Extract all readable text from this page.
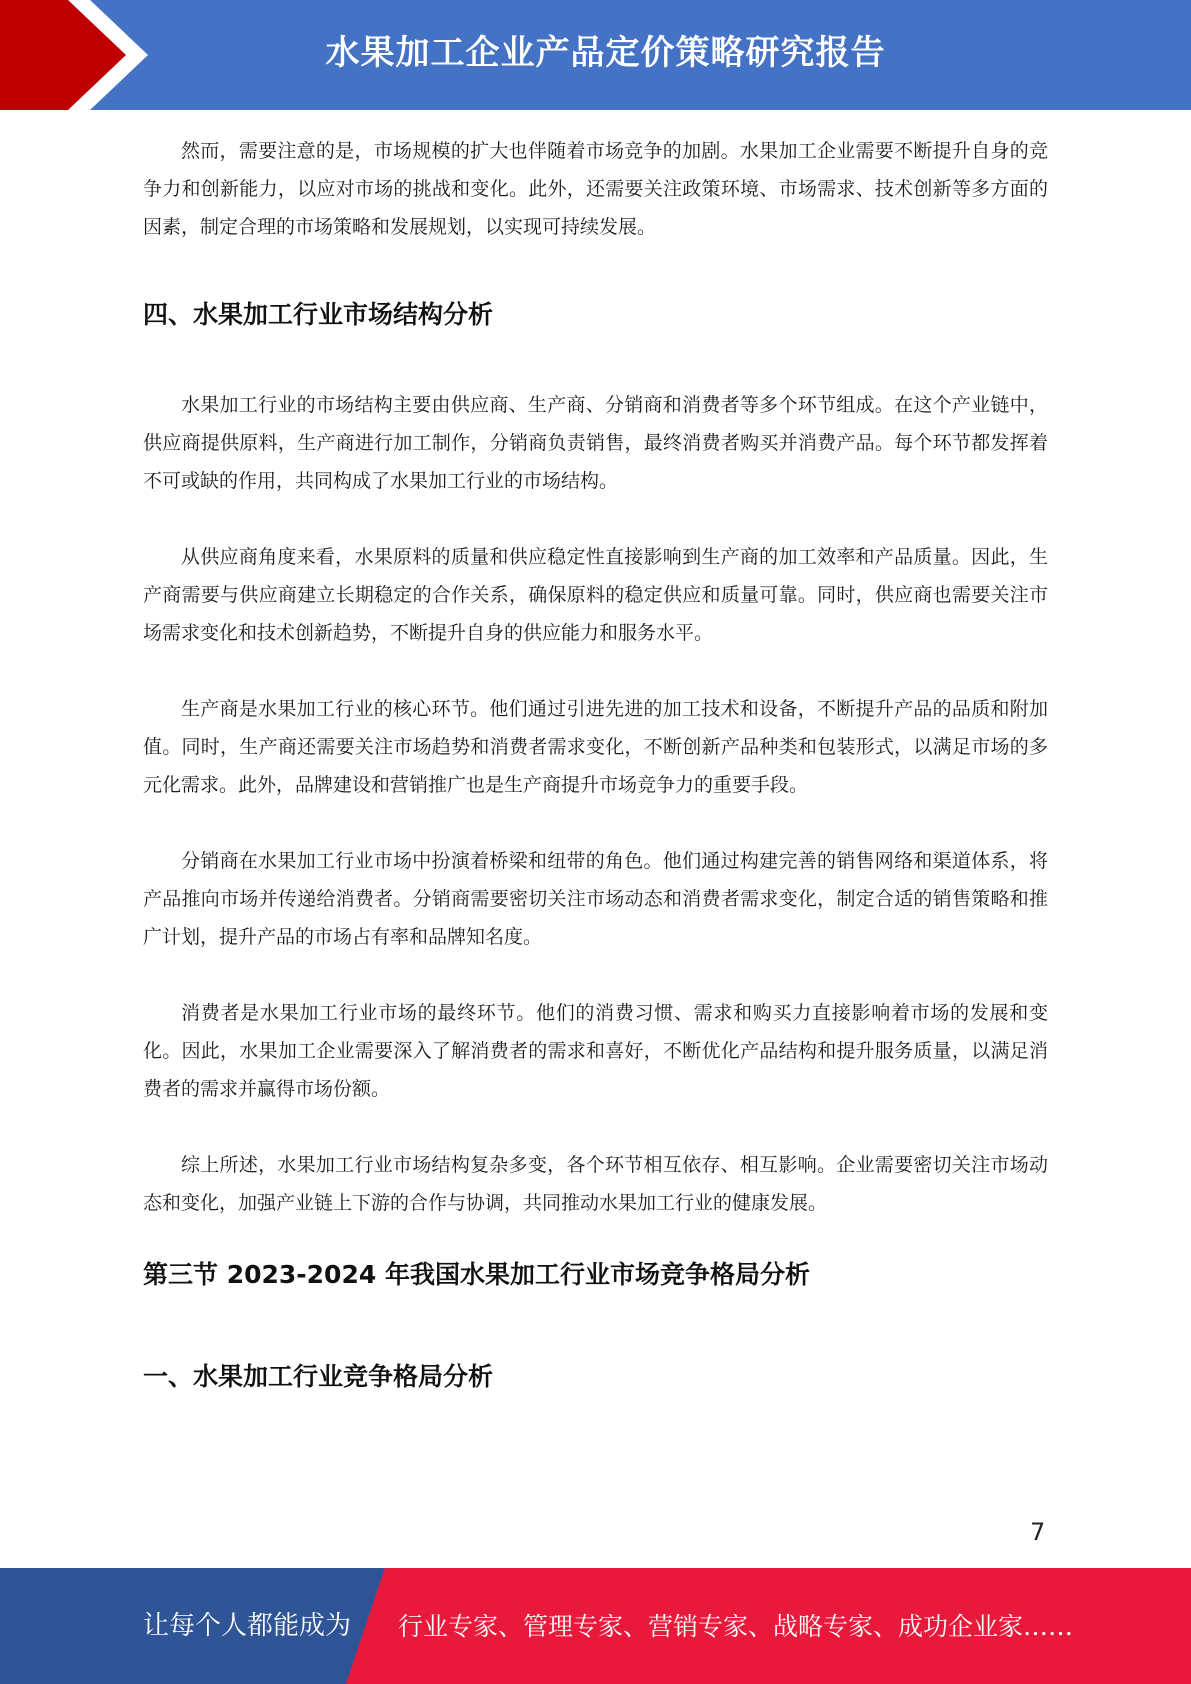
水果加工企业产品定价策略研究报告

然而，需要注意的是，市场规模的扩大也伴随着市场竞争的加剧。水果加工企业需要不断提升自身的竞争力和创新能力，以应对市场的挑战和变化。此外，还需要关注政策环境、市场需求、技术创新等多方面的因素，制定合理的市场策略和发展规划，以实现可持续发展。

四、水果加工行业市场结构分析

水果加工行业的市场结构主要由供应商、生产商、分销商和消费者等多个环节组成。在这个产业链中，供应商提供原料，生产商进行加工制作，分销商负责销售，最终消费者购买并消费产品。每个环节都发挥着不可或缺的作用，共同构成了水果加工行业的市场结构。

从供应商角度来看，水果原料的质量和供应稳定性直接影响到生产商的加工效率和产品质量。因此，生产商需要与供应商建立长期稳定的合作关系，确保原料的稳定供应和质量可靠。同时，供应商也需要关注市场需求变化和技术创新趋势，不断提升自身的供应能力和服务水平。

生产商是水果加工行业的核心环节。他们通过引进先进的加工技术和设备，不断提升产品的品质和附加值。同时，生产商还需要关注市场趋势和消费者需求变化，不断创新产品种类和包装形式，以满足市场的多元化需求。此外，品牌建设和营销推广也是生产商提升市场竞争力的重要手段。

分销商在水果加工行业市场中扮演着桥梁和纽带的角色。他们通过构建完善的销售网络和渠道体系，将产品推向市场并传递给消费者。分销商需要密切关注市场动态和消费者需求变化，制定合适的销售策略和推广计划，提升产品的市场占有率和品牌知名度。

消费者是水果加工行业市场的最终环节。他们的消费习惯、需求和购买力直接影响着市场的发展和变化。因此，水果加工企业需要深入了解消费者的需求和喜好，不断优化产品结构和提升服务质量，以满足消费者的需求并赢得市场份额。

综上所述，水果加工行业市场结构复杂多变，各个环节相互依存、相互影响。企业需要密切关注市场动态和变化，加强产业链上下游的合作与协调，共同推动水果加工行业的健康发展。

第三节 2023-2024 年我国水果加工行业市场竞争格局分析
一、水果加工行业竞争格局分析
7
让每个人都能成为 行业专家、管理专家、营销专家、战略专家、成功企业家……
